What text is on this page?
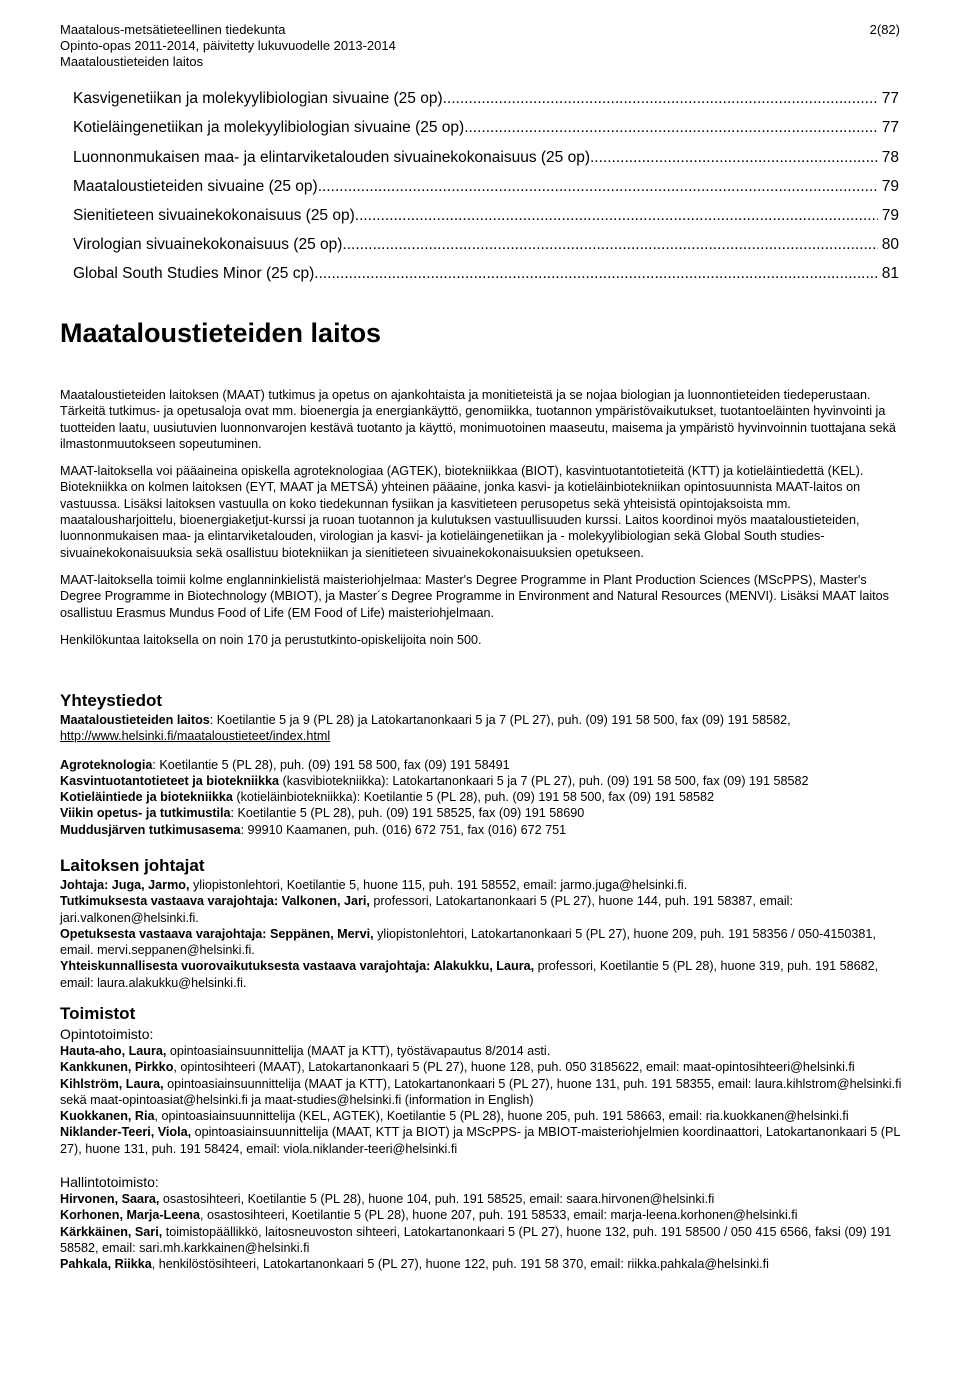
Maatalous-metsätieteellinen tiedekunta
Opinto-opas 2011-2014, päivitetty lukuvuodelle 2013-2014
Maataloustieteiden laitos
2(82)
Kasvigenetiikan ja molekyylibiologian sivuaine (25 op) .....	77
Kotieläingenetiikan ja molekyylibiologian sivuaine (25 op) .....	77
Luonnonmukaisen maa- ja elintarviketalouden sivuainekokonaisuus (25 op) .....	78
Maataloustieteiden sivuaine (25 op) .....	79
Sienitieteen sivuainekokonaisuus (25 op) .....	79
Virologian sivuainekokonaisuus (25 op) .....	80
Global South Studies Minor (25 cp) .....	81
Maataloustieteiden laitos

Maataloustieteiden laitoksen (MAAT) tutkimus ja opetus on ajankohtaista ja monitieteistä ja se nojaa biologian ja luonnontieteiden tiedeperustaan. Tärkeitä tutkimus- ja opetusaloja ovat mm. bioenergia ja energiankäyttö, genomiikka, tuotannon ympäristövaikutukset, tuotantoeläinten hyvinvointi ja tuotteiden laatu, uusiutuvien luonnonvarojen kestävä tuotanto ja käyttö, monimuotoinen maaseutu, maisema ja ympäristö hyvinvoinnin tuottajana sekä ilmastonmuutokseen sopeutuminen.

MAAT-laitoksella voi pääaineina opiskella agroteknologiaa (AGTEK), biotekniikkaa (BIOT), kasvintuotantotieteitä (KTT) ja kotieläintiedettä (KEL). Biotekniikka on kolmen laitoksen (EYT, MAAT ja METSÄ) yhteinen pääaine, jonka kasvi- ja kotieläinbiotekniikan opintosuunnista MAAT-laitos on vastuussa. Lisäksi laitoksen vastuulla on koko tiedekunnan fysiikan ja kasvitieteen perusopetus sekä yhteisistä opintojaksoista mm. maatalousharjoittelu, bioenergiaketjut-kurssi ja ruoan tuotannon ja kulutuksen vastuullisuuden kurssi. Laitos koordinoi myös maataloustieteiden, luonnonmukaisen maa- ja elintarviketalouden, virologian ja kasvi- ja kotieläingenetiikan ja - molekyylibiologian sekä Global South studies-sivuainekokonaisuuksia sekä osallistuu biotekniikan ja sienitieteen sivuainekokonaisuuksien opetukseen.

MAAT-laitoksella toimii kolme englanninkielistä maisteriohjelmaa: Master's Degree Programme in Plant Production Sciences (MScPPS), Master's Degree Programme in Biotechnology (MBIOT), ja Master´s Degree Programme in Environment and Natural Resources (MENVI). Lisäksi MAAT laitos osallistuu Erasmus Mundus Food of Life (EM Food of Life) maisteriohjelmaan.

Henkilökuntaa laitoksella on noin 170 ja perustutkinto-opiskelijoita noin 500.

Yhteystiedot
Maataloustieteiden laitos: Koetilantie 5 ja 9 (PL 28) ja Latokartanonkaari 5 ja 7 (PL 27), puh. (09) 191 58 500, fax (09) 191 58582,
http://www.helsinki.fi/maataloustieteet/index.html
Agroteknologia: Koetilantie 5 (PL 28), puh. (09) 191 58 500, fax (09) 191 58491
Kasvintuotantotieteet ja biotekniikka (kasvibiotekniikka): Latokartanonkaari 5 ja 7 (PL 27), puh. (09) 191 58 500, fax (09) 191 58582
Kotieläintiede ja biotekniikka (kotieläinbiotekniikka): Koetilantie 5 (PL 28), puh. (09) 191 58 500, fax (09) 191 58582
Viikin opetus- ja tutkimustila: Koetilantie 5 (PL 28), puh. (09) 191 58525, fax (09) 191 58690
Muddusjärven tutkimusasema: 99910 Kaamanen, puh. (016) 672 751, fax (016) 672 751
Laitoksen johtajat
Johtaja: Juga, Jarmo, yliopistonlehtori, Koetilantie 5, huone 115, puh. 191 58552, email: jarmo.juga@helsinki.fi.
Tutkimuksesta vastaava varajohtaja: Valkonen, Jari, professori, Latokartanonkaari 5 (PL 27), huone 144, puh. 191 58387, email: jari.valkonen@helsinki.fi.
Opetuksesta vastaava varajohtaja: Seppänen, Mervi, yliopistonlehtori, Latokartanonkaari 5 (PL 27), huone 209, puh. 191 58356 / 050-4150381, email. mervi.seppanen@helsinki.fi.
Yhteiskunnallisesta vuorovaikutuksesta vastaava varajohtaja: Alakukku, Laura, professori, Koetilantie 5 (PL 28), huone 319, puh. 191 58682, email: laura.alakukku@helsinki.fi.
Toimistot
Opintotoimisto:
Hauta-aho, Laura, opintoasiainsuunnittelija (MAAT ja KTT), työstävapautus 8/2014 asti.
Kankkunen, Pirkko, opintosihteeri (MAAT), Latokartanonkaari 5 (PL 27), huone 128, puh. 050 3185622, email: maat-opintosihteeri@helsinki.fi
Kihlström, Laura, opintoasiainsuunnittelija (MAAT ja KTT), Latokartanonkaari 5 (PL 27), huone 131, puh. 191 58355, email: laura.kihlstrom@helsinki.fi sekä maat-opintoasiat@helsinki.fi ja maat-studies@helsinki.fi (information in English)
Kuokkanen, Ria, opintoasiainsuunnittelija (KEL, AGTEK), Koetilantie 5 (PL 28), huone 205, puh. 191 58663, email: ria.kuokkanen@helsinki.fi
Niklander-Teeri, Viola, opintoasiainsuunnittelija (MAAT, KTT ja BIOT) ja MScPPS- ja MBIOT-maisteriohjelmien koordinaattori, Latokartanonkaari 5 (PL 27), huone 131, puh. 191 58424, email: viola.niklander-teeri@helsinki.fi
Hallintotoimisto:
Hirvonen, Saara, osastosihteeri, Koetilantie 5 (PL 28), huone 104, puh. 191 58525, email: saara.hirvonen@helsinki.fi
Korhonen, Marja-Leena, osastosihteeri, Koetilantie 5 (PL 28), huone 207, puh. 191 58533, email: marja-leena.korhonen@helsinki.fi
Kärkkäinen, Sari, toimistopäällikkö, laitosneuvoston sihteeri, Latokartanonkaari 5 (PL 27), huone 132, puh. 191 58500 / 050 415 6566, faksi (09) 191 58582, email: sari.mh.karkkainen@helsinki.fi
Pahkala, Riikka, henkilöstösihteeri, Latokartanonkaari 5 (PL 27), huone 122, puh. 191 58 370, email: riikka.pahkala@helsinki.fi
